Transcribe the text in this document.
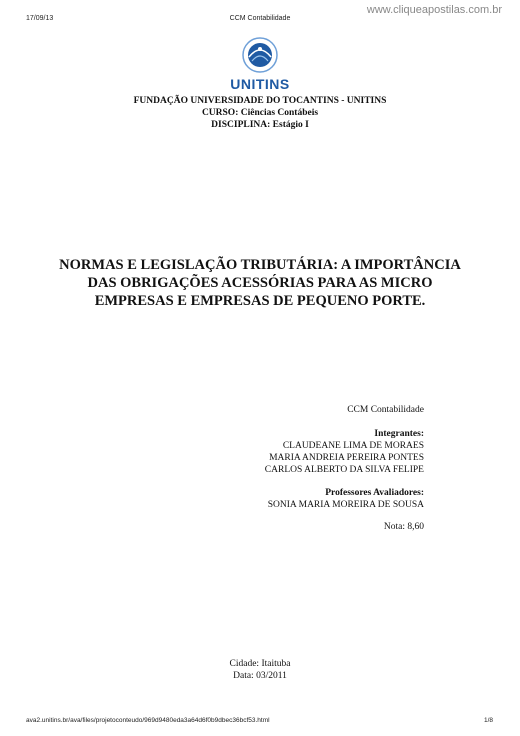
17/09/13	CCM Contabilidade
www.cliqueapostilas.com.br
UNITINS
FUNDAÇÃO UNIVERSIDADE DO TOCANTINS - UNITINS
CURSO: Ciências Contábeis
DISCIPLINA: Estágio I
NORMAS E LEGISLAÇÃO TRIBUTÁRIA: A IMPORTÂNCIA DAS OBRIGAÇÕES ACESSÓRIAS PARA AS MICRO EMPRESAS E EMPRESAS DE PEQUENO PORTE.
CCM Contabilidade
Integrantes:
CLAUDEANE LIMA DE MORAES
MARIA ANDREIA PEREIRA PONTES
CARLOS ALBERTO DA SILVA FELIPE
Professores Avaliadores:
SONIA MARIA MOREIRA DE SOUSA
Nota: 8,60
Cidade: Itaituba
Data: 03/2011
ava2.unitins.br/ava/files/projetoconteudo/969d9480eda3a64d6f0b9dbec36bcf53.html	1/8
